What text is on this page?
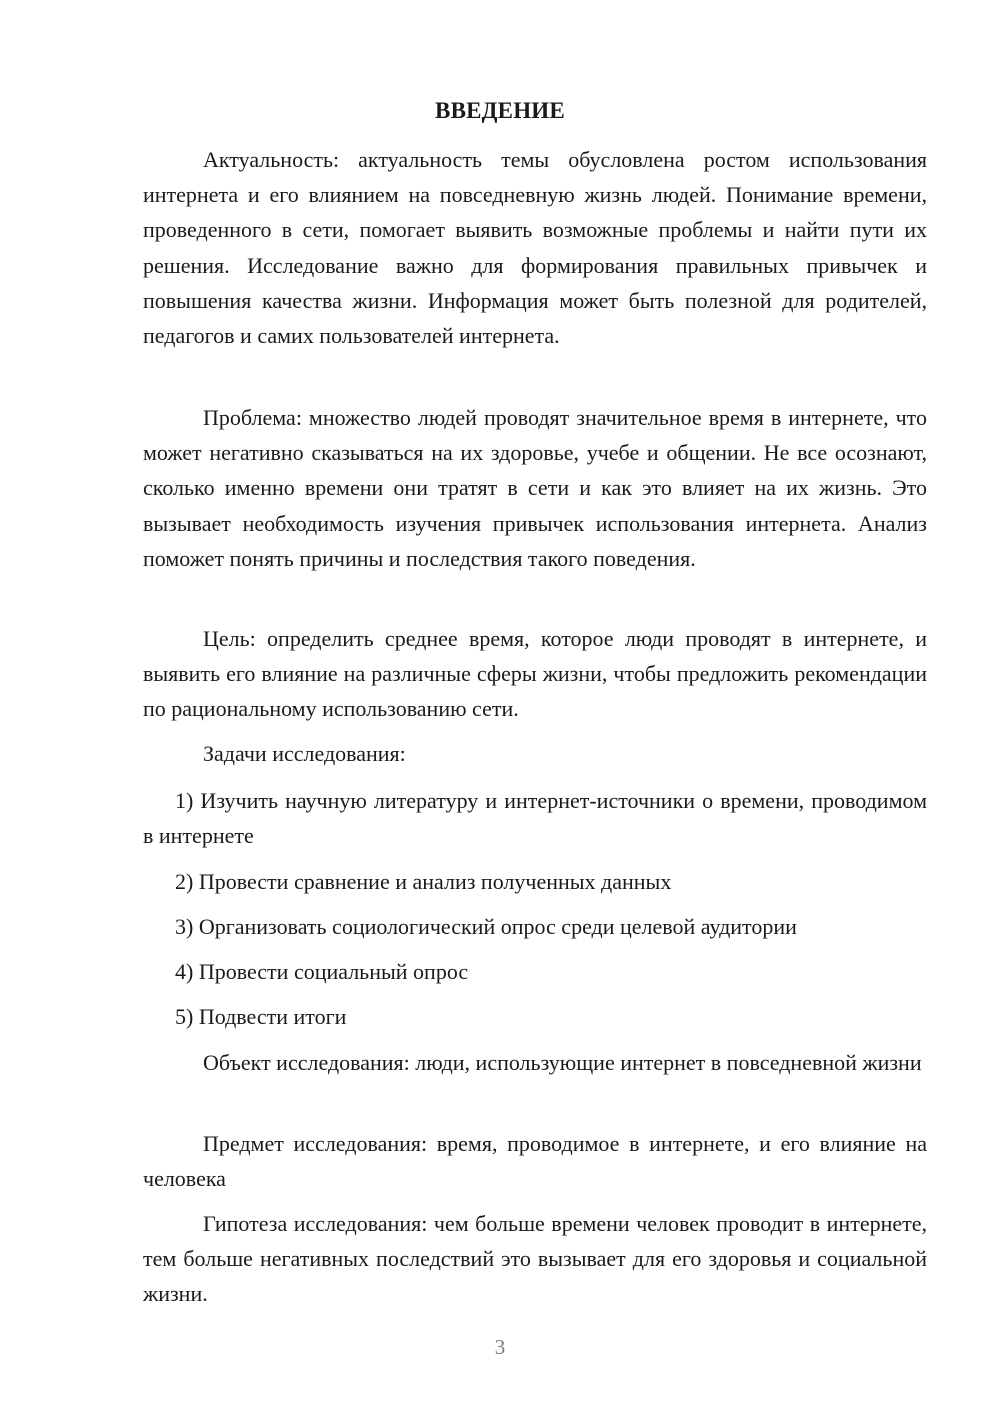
ВВЕДЕНИЕ

Актуальность: актуальность темы обусловлена ростом использования интернета и его влиянием на повседневную жизнь людей. Понимание времени, проведенного в сети, помогает выявить возможные проблемы и найти пути их решения. Исследование важно для формирования правильных привычек и повышения качества жизни. Информация может быть полезной для родителей, педагогов и самих пользователей интернета.

Проблема: множество людей проводят значительное время в интернете, что может негативно сказываться на их здоровье, учебе и общении. Не все осознают, сколько именно времени они тратят в сети и как это влияет на их жизнь. Это вызывает необходимость изучения привычек использования интернета. Анализ поможет понять причины и последствия такого поведения.

Цель: определить среднее время, которое люди проводят в интернете, и выявить его влияние на различные сферы жизни, чтобы предложить рекомендации по рациональному использованию сети.

Задачи исследования:

1) Изучить научную литературу и интернет-источники о времени, проводимом в интернете

2) Провести сравнение и анализ полученных данных

3) Организовать социологический опрос среди целевой аудитории

4) Провести социальный опрос

5) Подвести итоги

Объект исследования: люди, использующие интернет в повседневной жизни

Предмет исследования: время, проводимое в интернете, и его влияние на человека

Гипотеза исследования: чем больше времени человек проводит в интернете, тем больше негативных последствий это вызывает для его здоровья и социальной жизни.

3
